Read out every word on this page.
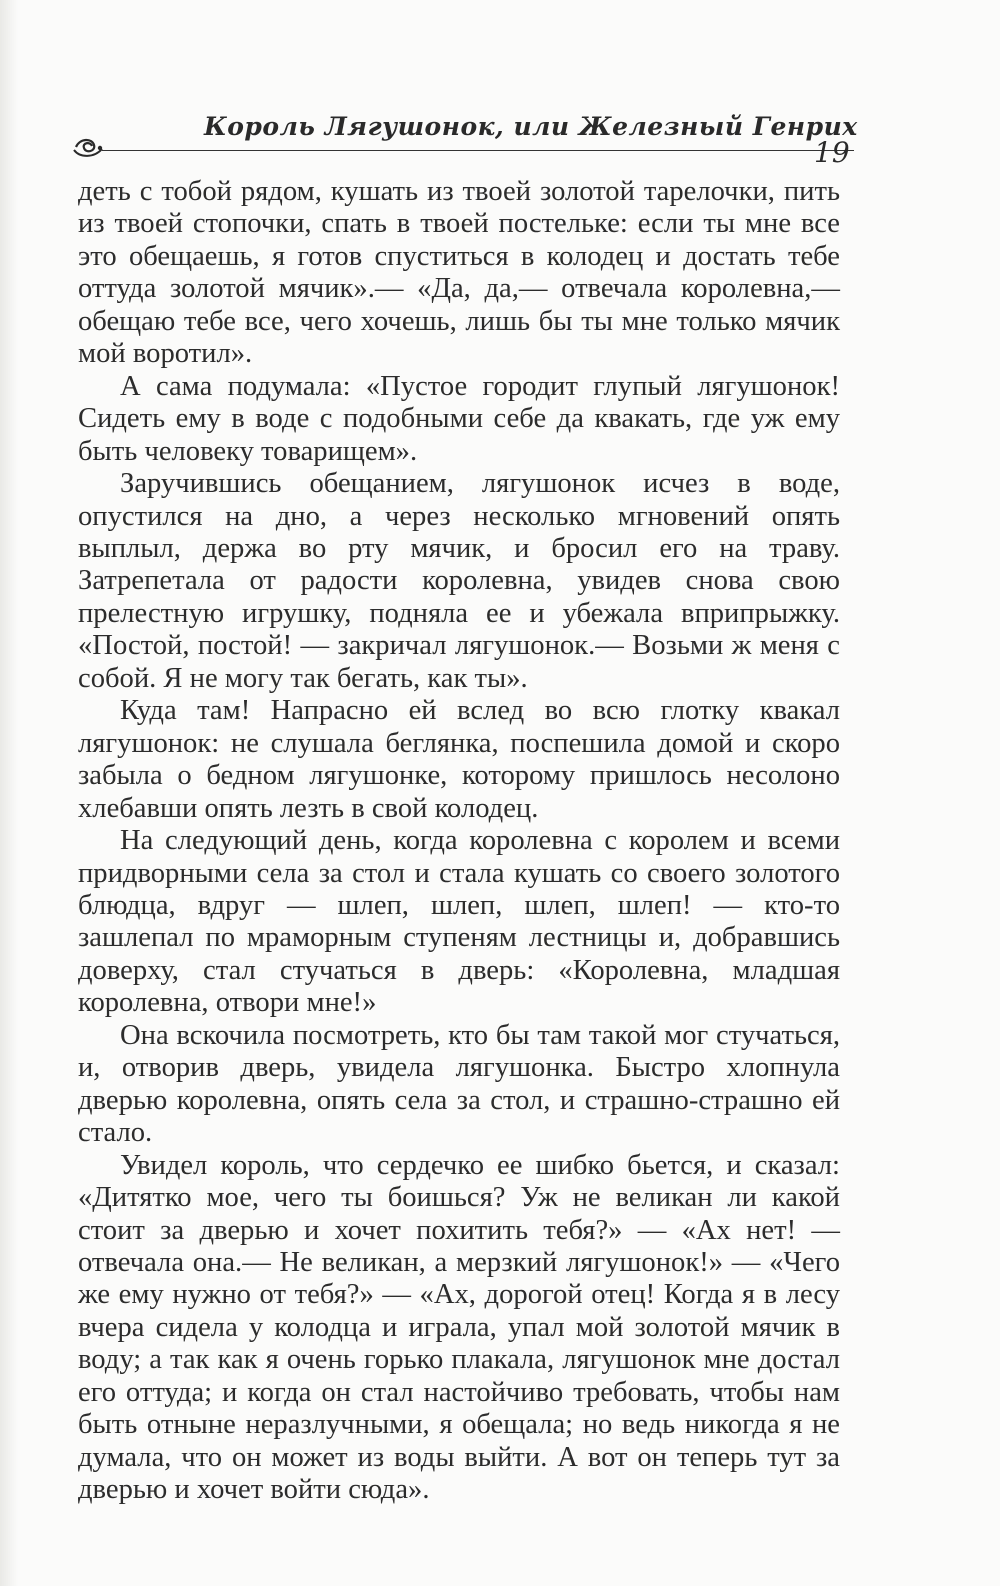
Король Лягушонок, или Железный Генрих
19

деть с тобой рядом, кушать из твоей золотой тарелочки, пить из твоей стопочки, спать в твоей постельке: если ты мне все это обещаешь, я готов спуститься в колодец и достать тебе оттуда золотой мячик».— «Да, да,— отвечала королевна,— обещаю тебе все, чего хочешь, лишь бы ты мне только мячик мой воротил».

А сама подумала: «Пустое городит глупый лягушонок! Сидеть ему в воде с подобными себе да квакать, где уж ему быть человеку товарищем».

Заручившись обещанием, лягушонок исчез в воде, опустился на дно, а через несколько мгновений опять выплыл, держа во рту мячик, и бросил его на траву. Затрепетала от радости королевна, увидев снова свою прелестную игрушку, подняла ее и убежала вприпрыжку. «Постой, постой! — закричал лягушонок.— Возьми ж меня с собой. Я не могу так бегать, как ты».

Куда там! Напрасно ей вслед во всю глотку квакал лягушонок: не слушала беглянка, поспешила домой и скоро забыла о бедном лягушонке, которому пришлось несолоно хлебавши опять лезть в свой колодец.

На следующий день, когда королевна с королем и всеми придворными села за стол и стала кушать со своего золотого блюдца, вдруг — шлеп, шлеп, шлеп, шлеп! — кто-то зашлепал по мраморным ступеням лестницы и, добравшись доверху, стал стучаться в дверь: «Королевна, младшая королевна, отвори мне!»

Она вскочила посмотреть, кто бы там такой мог стучаться, и, отворив дверь, увидела лягушонка. Быстро хлопнула дверью королевна, опять села за стол, и страшно-страшно ей стало.

Увидел король, что сердечко ее шибко бьется, и сказал: «Дитятко мое, чего ты боишься? Уж не великан ли какой стоит за дверью и хочет похитить тебя?» — «Ах нет! — отвечала она.— Не великан, а мерзкий лягушонок!» — «Чего же ему нужно от тебя?» — «Ах, дорогой отец! Когда я в лесу вчера сидела у колодца и играла, упал мой золотой мячик в воду; а так как я очень горько плакала, лягушонок мне достал его оттуда; и когда он стал настойчиво требовать, чтобы нам быть отныне неразлучными, я обещала; но ведь никогда я не думала, что он может из воды выйти. А вот он теперь тут за дверью и хочет войти сюда».
